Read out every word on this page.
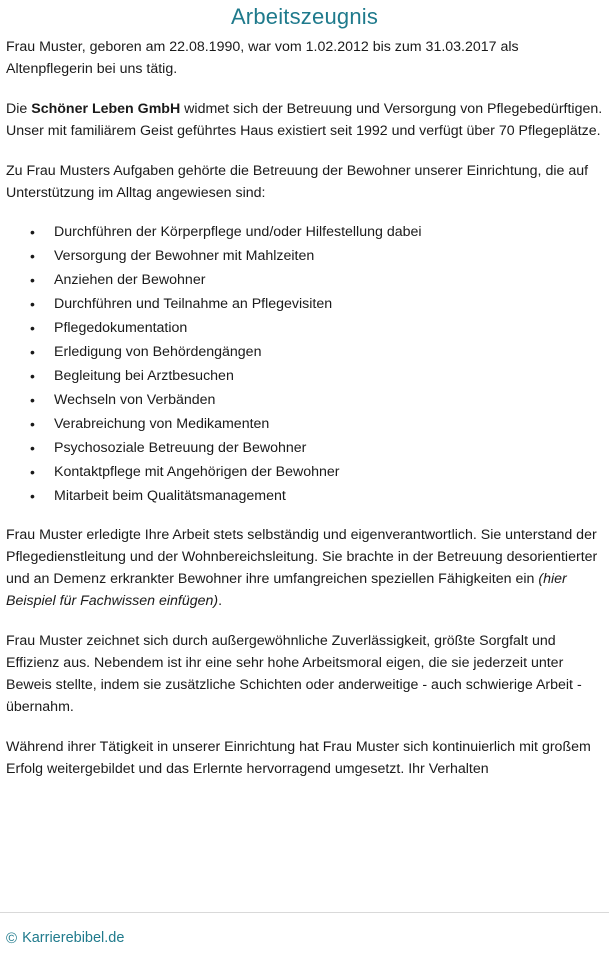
Arbeitszeugnis

Frau Muster, geboren am 22.08.1990, war vom 1.02.2012 bis zum 31.03.2017 als Altenpflegerin bei uns tätig.

Die Schöner Leben GmbH widmet sich der Betreuung und Versorgung von Pflegebedürftigen. Unser mit familiärem Geist geführtes Haus existiert seit 1992 und verfügt über 70 Pflegeplätze.

Zu Frau Musters Aufgaben gehörte die Betreuung der Bewohner unserer Einrichtung, die auf Unterstützung im Alltag angewiesen sind:

• Durchführen der Körperpflege und/oder Hilfestellung dabei
• Versorgung der Bewohner mit Mahlzeiten
• Anziehen der Bewohner
• Durchführen und Teilnahme an Pflegevisiten
• Pflegedokumentation
• Erledigung von Behördengängen
• Begleitung bei Arztbesuchen
• Wechseln von Verbänden
• Verabreichung von Medikamenten
• Psychosoziale Betreuung der Bewohner
• Kontaktpflege mit Angehörigen der Bewohner
• Mitarbeit beim Qualitätsmanagement

Frau Muster erledigte Ihre Arbeit stets selbständig und eigenverantwortlich. Sie unterstand der Pflegedienstleitung und der Wohnbereichsleitung. Sie brachte in der Betreuung desorientierter und an Demenz erkrankter Bewohner ihre umfangreichen speziellen Fähigkeiten ein (hier Beispiel für Fachwissen einfügen).

Frau Muster zeichnet sich durch außergewöhnliche Zuverlässigkeit, größte Sorgfalt und Effizienz aus. Nebendem ist ihr eine sehr hohe Arbeitsmoral eigen, die sie jederzeit unter Beweis stellte, indem sie zusätzliche Schichten oder anderweitige - auch schwierige Arbeit - übernahm.

Während ihrer Tätigkeit in unserer Einrichtung hat Frau Muster sich kontinuierlich mit großem Erfolg weitergebildet und das Erlernte hervorragend umgesetzt. Ihr Verhalten

© Karrierebibel.de
